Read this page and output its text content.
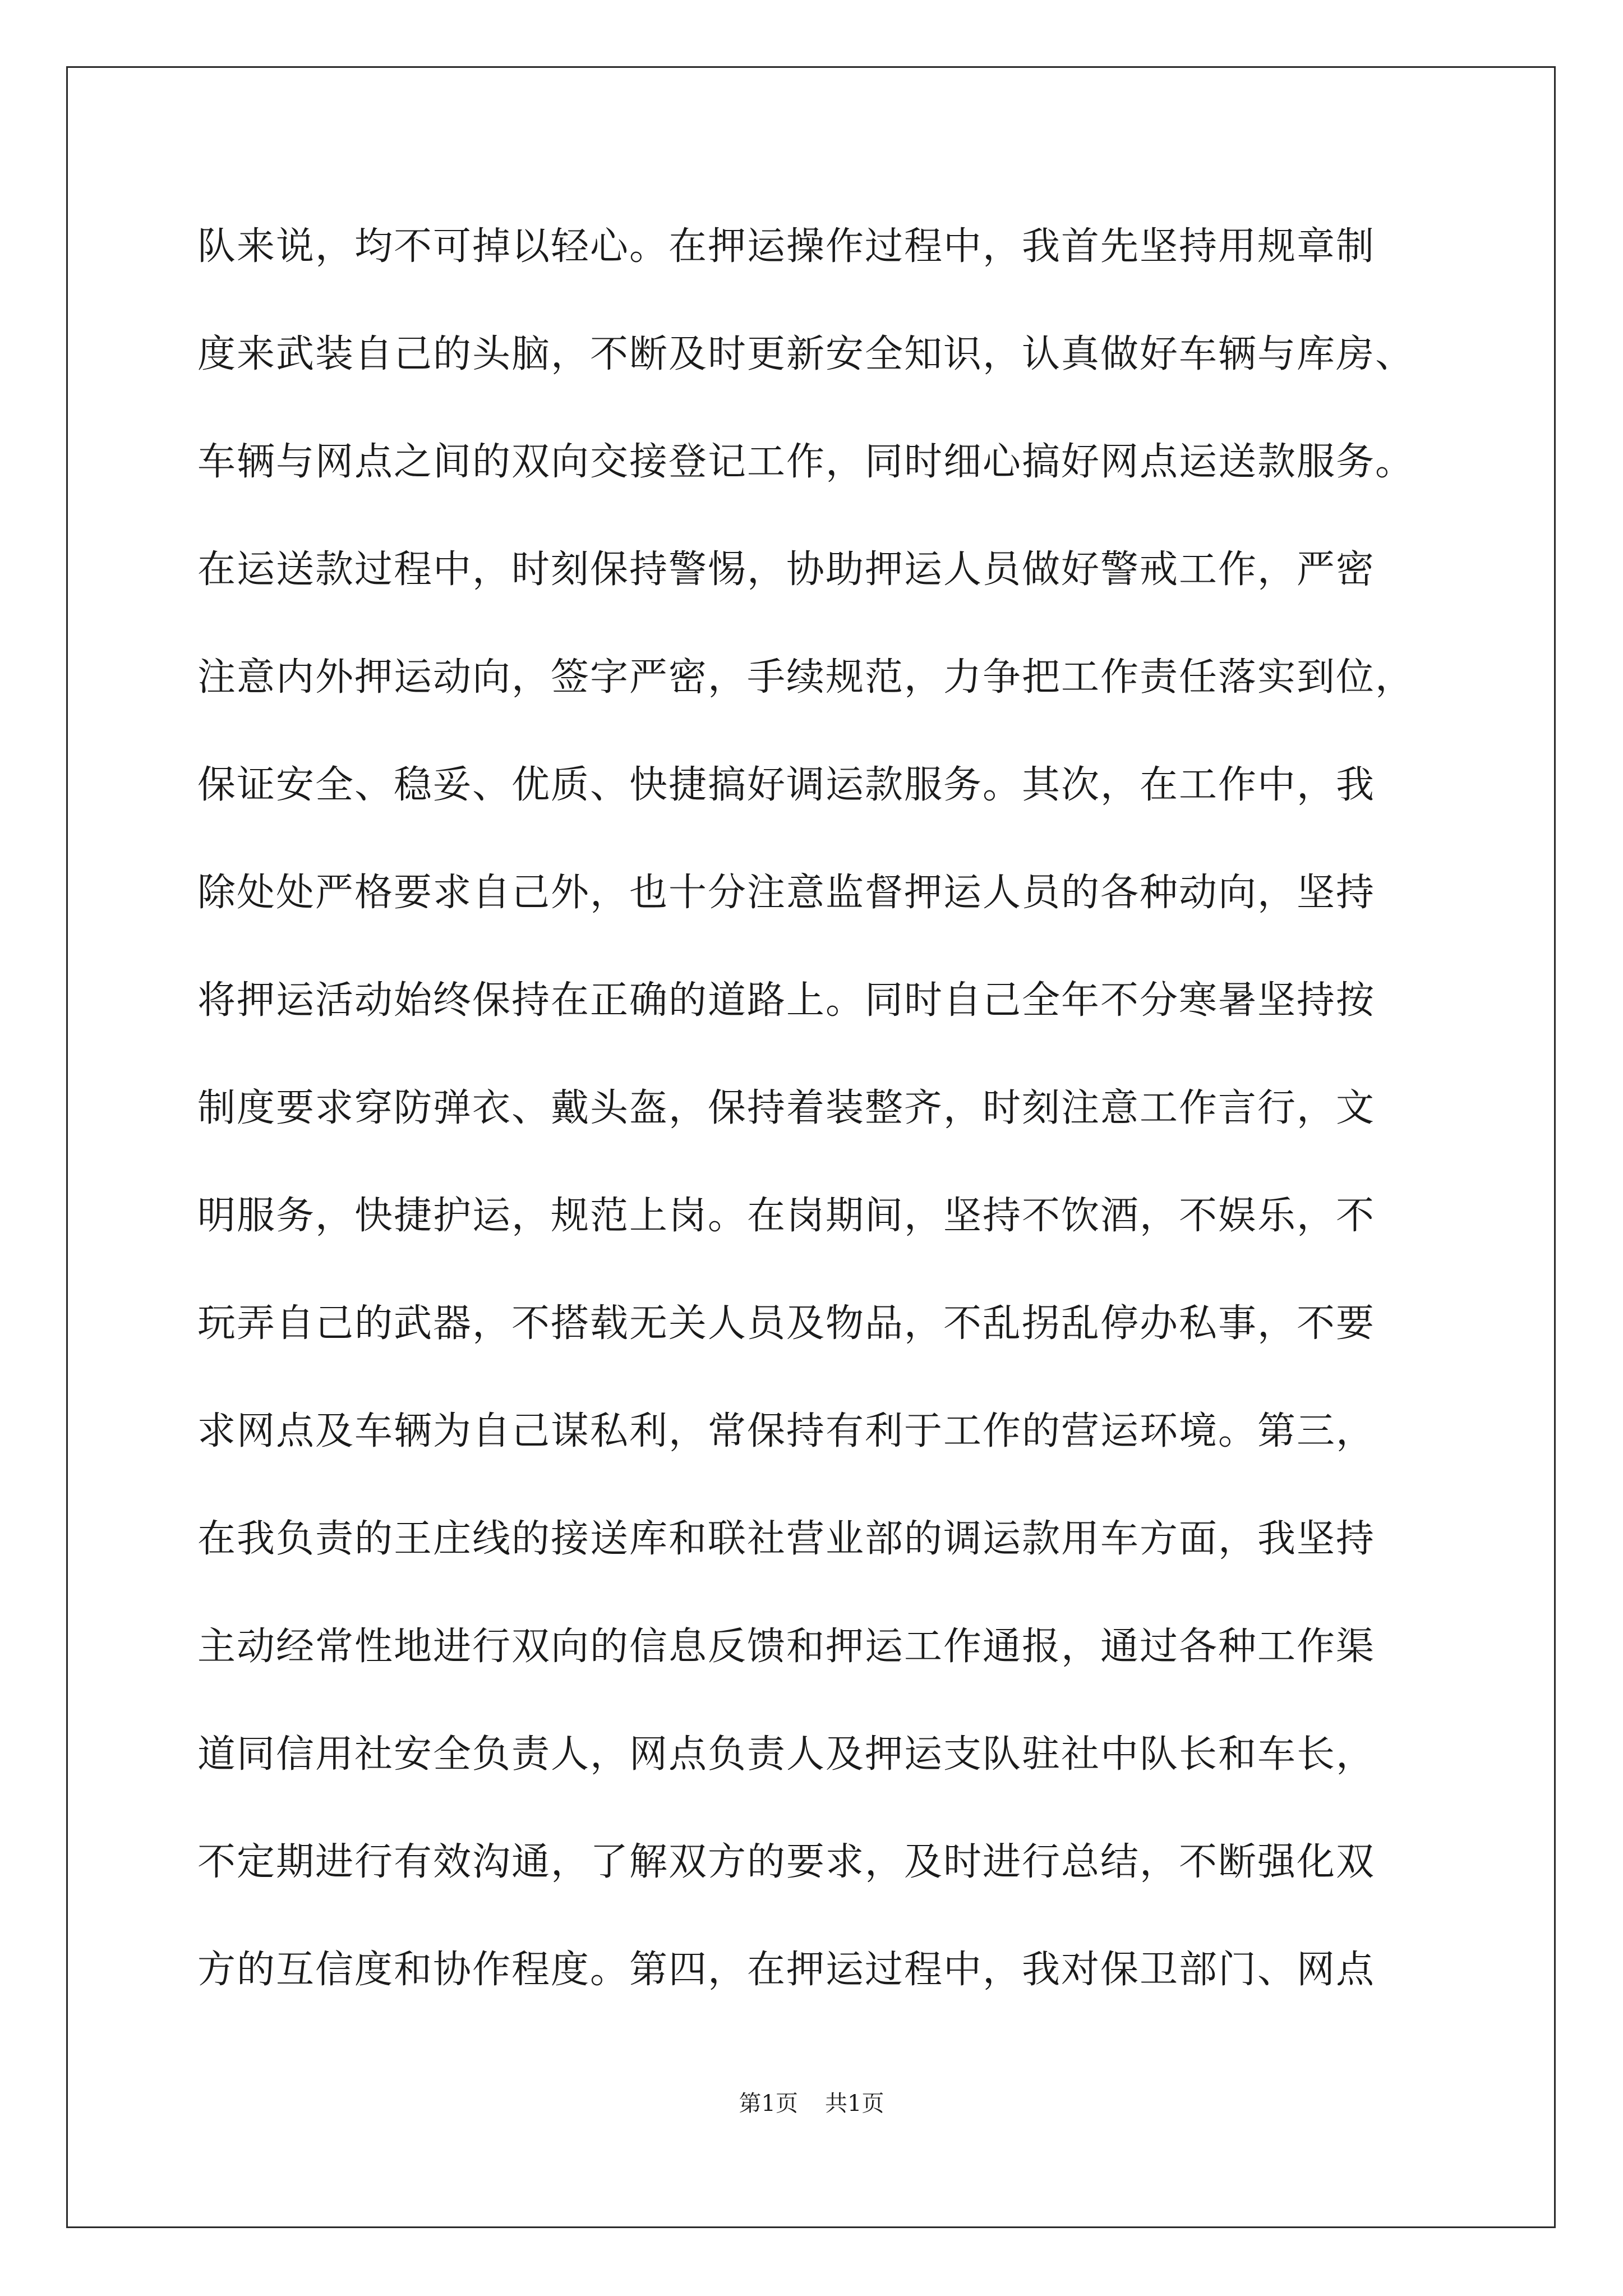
队来说，均不可掉以轻心。在押运操作过程中，我首先坚持用规章制
度来武装自己的头脑，不断及时更新安全知识，认真做好车辆与库房、
车辆与网点之间的双向交接登记工作，同时细心搞好网点运送款服务。
在运送款过程中，时刻保持警惕，协助押运人员做好警戒工作，严密
注意内外押运动向，签字严密，手续规范，力争把工作责任落实到位，
保证安全、稳妥、优质、快捷搞好调运款服务。其次，在工作中，我
除处处严格要求自己外，也十分注意监督押运人员的各种动向，坚持
将押运活动始终保持在正确的道路上。同时自己全年不分寒暑坚持按
制度要求穿防弹衣、戴头盔，保持着装整齐，时刻注意工作言行，文
明服务，快捷护运，规范上岗。在岗期间，坚持不饮酒，不娱乐，不
玩弄自己的武器，不搭载无关人员及物品，不乱拐乱停办私事，不要
求网点及车辆为自己谋私利，常保持有利于工作的营运环境。第三，
在我负责的王庄线的接送库和联社营业部的调运款用车方面，我坚持
主动经常性地进行双向的信息反馈和押运工作通报，通过各种工作渠
道同信用社安全负责人，网点负责人及押运支队驻社中队长和车长，
不定期进行有效沟通，了解双方的要求，及时进行总结，不断强化双
方的互信度和协作程度。第四，在押运过程中，我对保卫部门、网点
第1页 共1页
